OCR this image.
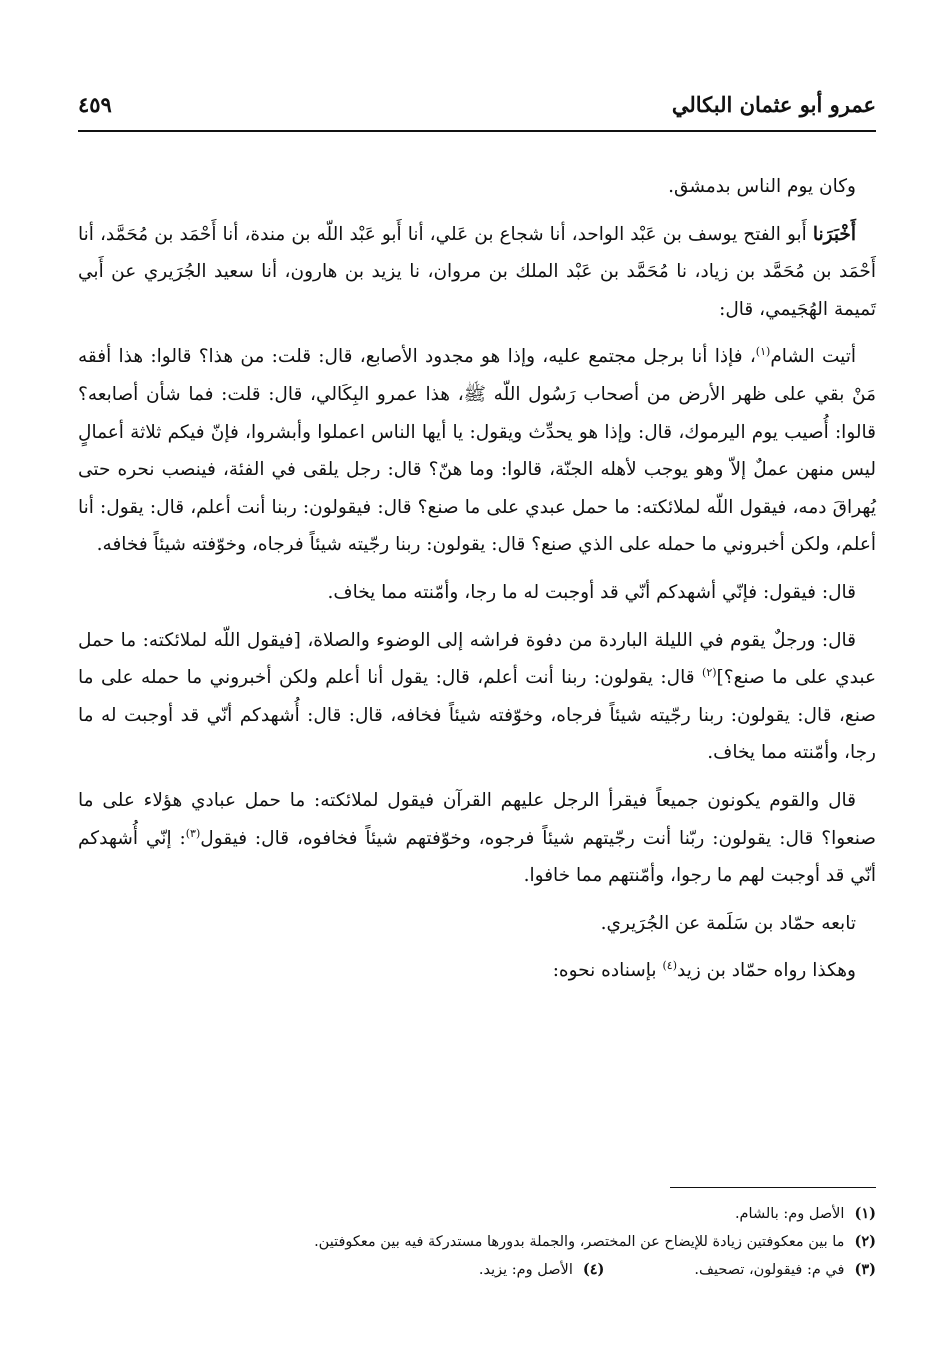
عمرو أبو عثمان البكالي
٤٥٩

وكان يوم الناس بدمشق.

أَخْبَرَنا أَبو الفتح يوسف بن عَبْد الواحد، أنا شجاع بن عَلي، أنا أَبو عَبْد اللّه بن مندة، أنا أَحْمَد بن مُحَمَّد، أنا أَحْمَد بن مُحَمَّد بن زياد، نا مُحَمَّد بن عَبْد الملك بن مروان، نا يزيد بن هارون، أنا سعيد الجُرَيري عن أَبي تَميمة الهُجَيمي، قال:

أتيت الشام$^{(١)}$، فإذا أنا برجل مجتمع عليه، وإذا هو مجدود الأصابع، قال: قلت: من هذا؟ قالوا: هذا أفقه مَنْ بقي على ظهر الأرض من أصحاب رَسُول اللّه ﷺ، هذا عمرو البِكَالي، قال: قلت: فما شأن أصابعه؟ قالوا: أُصيب يوم اليرموك، قال: وإذا هو يحدِّث ويقول: يا أيها الناس اعملوا وأبشروا، فإنّ فيكم ثلاثة أعمالٍ ليس منهن عملٌ إلاّ وهو يوجب لأهله الجنّة، قالوا: وما هنّ؟ قال: رجل يلقى في الفئة، فينصب نحره حتى يُهراقَ دمه، فيقول اللّه لملائكته: ما حمل عبدي على ما صنع؟ قال: فيقولون: ربنا أنت أعلم، قال: يقول: أنا أعلم، ولكن أخبروني ما حمله على الذي صنع؟ قال: يقولون: ربنا رجّيته شيئاً فرجاه، وخوّفته شيئاً فخافه.

قال: فيقول: فإنّي أشهدكم أنّي قد أوجبت له ما رجا، وأمّنته مما يخاف.

قال: ورجلٌ يقوم في الليلة الباردة من دفوة فراشه إلى الوضوء والصلاة، [فيقول اللّه لملائكته: ما حمل عبدي على ما صنع؟]$^{(٢)}$ قال: يقولون: ربنا أنت أعلم، قال: يقول أنا أعلم ولكن أخبروني ما حمله على ما صنع، قال: يقولون: ربنا رجّيته شيئاً فرجاه، وخوّفته شيئاً فخافه، قال: قال: أُشهدكم أنّي قد أوجبت له ما رجا، وأمّنته مما يخاف.

قال والقوم يكونون جميعاً فيقرأ الرجل عليهم القرآن فيقول لملائكته: ما حمل عبادي هؤلاء على ما صنعوا؟ قال: يقولون: ربّنا أنت رجّيتهم شيئاً فرجوه، وخوّفتهم شيئاً فخافوه، قال: فيقول$^{(٣)}$: إنّي أُشهدكم أنّي قد أوجبت لهم ما رجوا، وأمّنتهم مما خافوا.

تابعه حمّاد بن سَلَمة عن الجُرَيري.

وهكذا رواه حمّاد بن زيد$^{(٤)}$ بإسناده نحوه:

(١)الأصل وم: بالشام.
(٢)ما بين معكوفتين زيادة للإيضاح عن المختصر، والجملة بدورها مستدركة فيه بين معكوفتين.
(٣)في م: فيقولون، تصحيف.
(٤)الأصل وم: يزيد.
